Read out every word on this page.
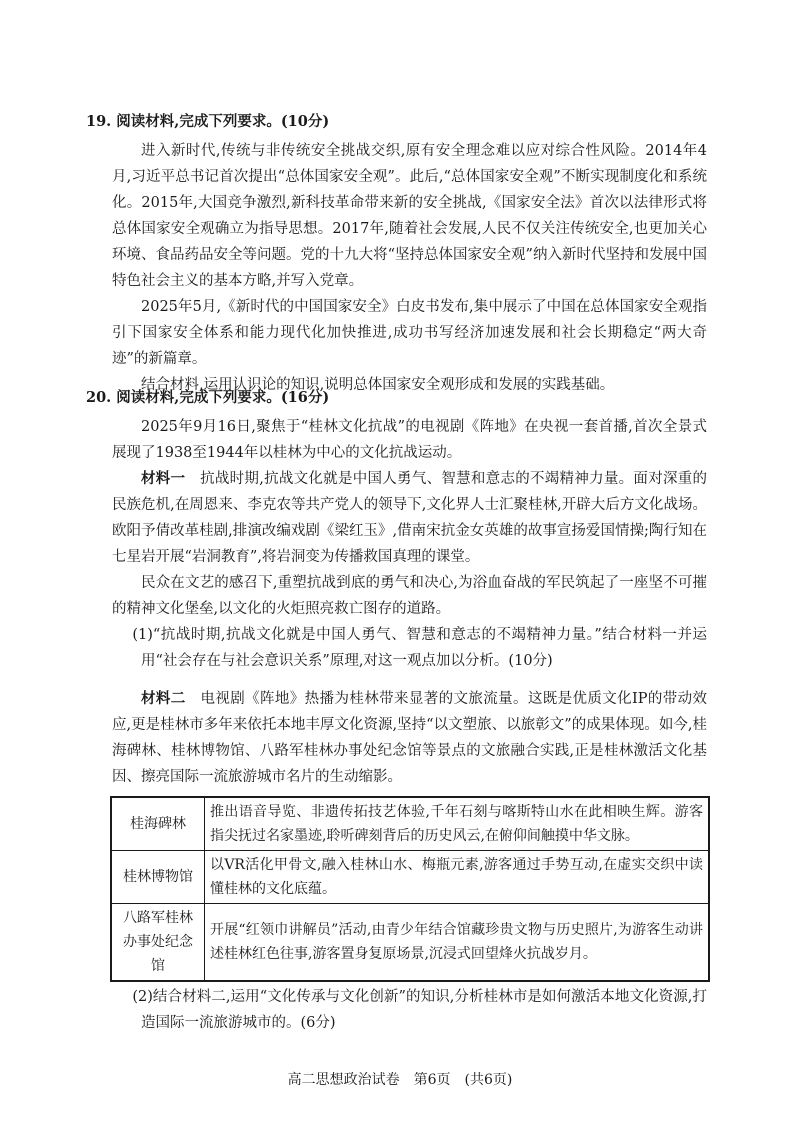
19. 阅读材料,完成下列要求。(10分)

进入新时代,传统与非传统安全挑战交织,原有安全理念难以应对综合性风险。2014年4月,习近平总书记首次提出“总体国家安全观”。此后,“总体国家安全观”不断实现制度化和系统化。2015年,大国竞争激烈,新科技革命带来新的安全挑战,《国家安全法》首次以法律形式将总体国家安全观确立为指导思想。2017年,随着社会发展,人民不仅关注传统安全,也更加关心环境、食品药品安全等问题。党的十九大将“坚持总体国家安全观”纳入新时代坚持和发展中国特色社会主义的基本方略,并写入党章。

2025年5月,《新时代的中国国家安全》白皮书发布,集中展示了中国在总体国家安全观指引下国家安全体系和能力现代化加快推进,成功书写经济加速发展和社会长期稳定“两大奇迹”的新篇章。

结合材料,运用认识论的知识,说明总体国家安全观形成和发展的实践基础。

20. 阅读材料,完成下列要求。(16分)

2025年9月16日,聚焦于“桂林文化抗战”的电视剧《阵地》在央视一套首播,首次全景式展现了1938至1944年以桂林为中心的文化抗战运动。

材料一　 抗战时期,抗战文化就是中国人勇气、智慧和意志的不竭精神力量。面对深重的民族危机,在周恩来、李克农等共产党人的领导下,文化界人士汇聚桂林,开辟大后方文化战场。欧阳予倩改革桂剧,排演改编戏剧《梁红玉》,借南宋抗金女英雄的故事宣扬爱国情操;陶行知在七星岩开展“岩洞教育”,将岩洞变为传播救国真理的课堂。

民众在文艺的感召下,重塑抗战到底的勇气和决心,为浴血奋战的军民筑起了一座坚不可摧的精神文化堡垒,以文化的火炬照亮救亡图存的道路。

(1)“抗战时期,抗战文化就是中国人勇气、智慧和意志的不竭精神力量。”结合材料一并运用“社会存在与社会意识关系”原理,对这一观点加以分析。(10分)

材料二　 电视剧《阵地》热播为桂林带来显著的文旅流量。这既是优质文化IP的带动效应,更是桂林市多年来依托本地丰厚文化资源,坚持“以文塑旅、以旅彰文”的成果体现。如今,桂海碑林、桂林博物馆、八路军桂林办事处纪念馆等景点的文旅融合实践,正是桂林激活文化基因、擦亮国际一流旅游城市名片的生动缩影。

桂海碑林	推出语音导览、非遗传拓技艺体验,千年石刻与喀斯特山水在此相映生辉。游客指尖抚过名家墨迹,聆听碑刻背后的历史风云,在俯仰间触摸中华文脉。
桂林博物馆	以VR活化甲骨文,融入桂林山水、梅瓶元素,游客通过手势互动,在虚实交织中读懂桂林的文化底蕴。
八路军桂林办事处纪念馆	开展“红领巾讲解员”活动,由青少年结合馆藏珍贵文物与历史照片,为游客生动讲述桂林红色往事,游客置身复原场景,沉浸式回望烽火抗战岁月。

(2)结合材料二,运用“文化传承与文化创新”的知识,分析桂林市是如何激活本地文化资源,打造国际一流旅游城市的。(6分)

高二思想政治试卷　第6页　(共6页)
